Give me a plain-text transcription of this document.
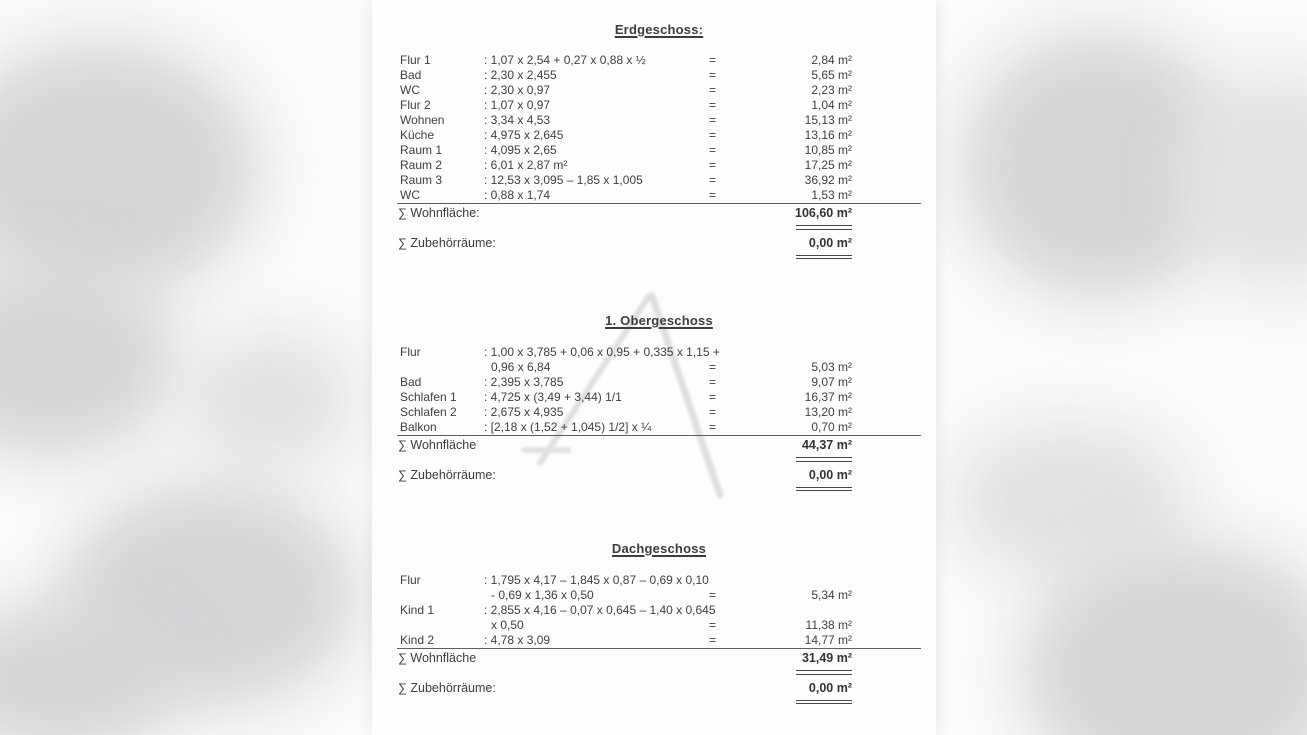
Erdgeschoss:
Flur 1	: 1,07 x 2,54 + 0,27 x 0,88 x ½	=	2,84 m²
Bad	: 2,30 x 2,455	=	5,65 m²
WC	: 2,30 x 0,97	=	2,23 m²
Flur 2	: 1,07 x 0,97	=	1,04 m²
Wohnen	: 3,34 x 4,53	=	15,13 m²
Küche	: 4,975 x 2,645	=	13,16 m²
Raum 1	: 4,095 x 2,65	=	10,85 m²
Raum 2	: 6,01 x 2,87 m²	=	17,25 m²
Raum 3	: 12,53 x 3,095 – 1,85 x 1,005	=	36,92 m²
WC	: 0,88 x 1,74	=	1,53 m²
∑ Wohnfläche:	106,60 m²
∑ Zubehörräume:	0,00 m²
1. Obergeschoss
Flur	: 1,00 x 3,785 + 0,06 x 0,95 + 0,335 x 1,15 +
0,96 x 6,84	=	5,03 m²
Bad	: 2,395 x 3,785	=	9,07 m²
Schlafen 1	: 4,725 x (3,49 + 3,44) 1/1	=	16,37 m²
Schlafen 2	: 2,675 x 4,935	=	13,20 m²
Balkon	: [2,18 x (1,52 + 1,045) 1/2] x ¼	=	0,70 m²
∑ Wohnfläche	44,37 m²
∑ Zubehörräume:	0,00 m²
Dachgeschoss
Flur	: 1,795 x 4,17 – 1,845 x 0,87 – 0,69 x 0,10
- 0,69 x 1,36 x 0,50	=	5,34 m²
Kind 1	: 2,855 x 4,16 – 0,07 x 0,645 – 1,40 x 0,645
x 0,50	=	11,38 m²
Kind 2	: 4,78 x 3,09	=	14,77 m²
∑ Wohnfläche	31,49 m²
∑ Zubehörräume:	0,00 m²
